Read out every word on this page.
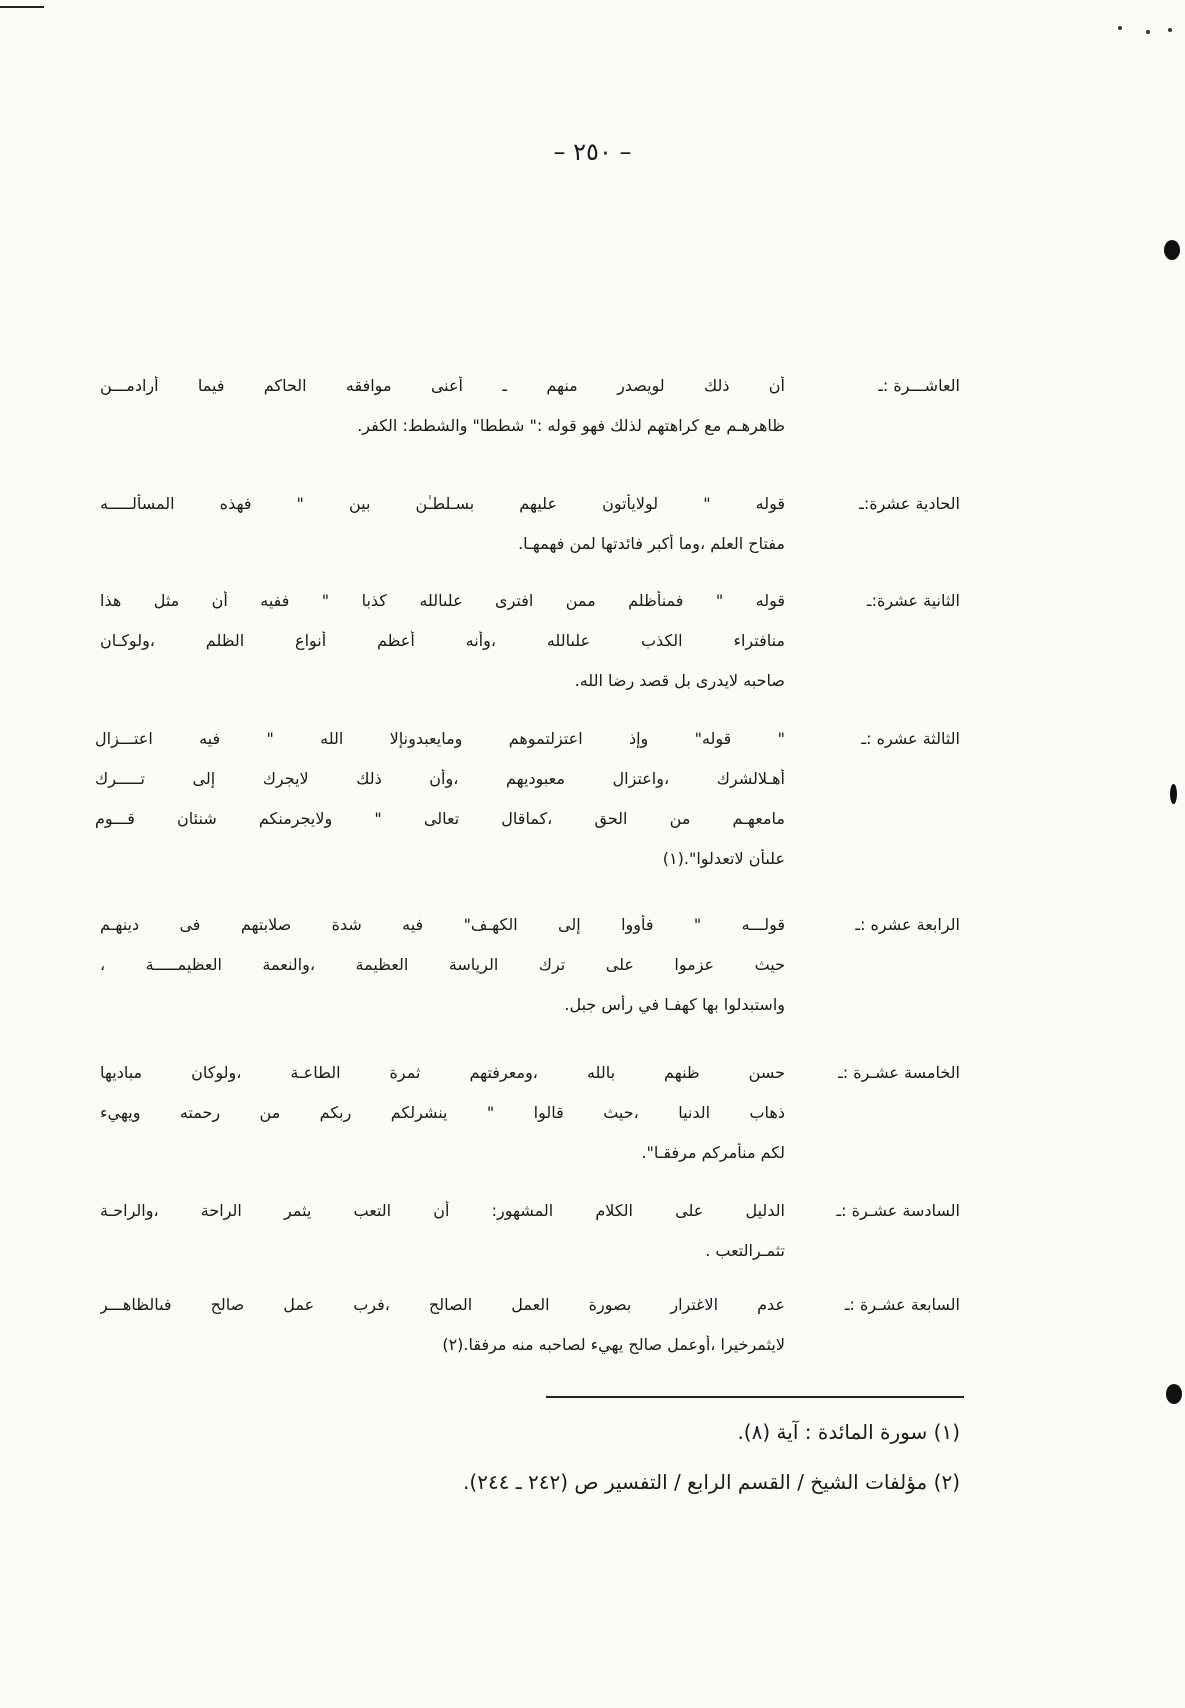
– ٢٥٠ –
العاشـــرة :ـ
أن ذلك لويصدر منهم ـ أعنى موافقه الحاكم فيما أرادمـــن
ظاهرهـم مع كراهتهم لذلك فهو قوله :" شططا" والشطط: الكفر.
الحادية عشرة:ـ
قوله " لولايأتون عليهم بسـلطـٰن بين " فهذه المسألـــــه
مفتاح العلم ،وما أكبر فائدتها لمن فهمهـا.
الثانية عشرة:ـ
قوله " فمنأظلم ممن افترى علىالله كذبا " ففيه أن مثل هذا
منافتراء الكذب علىالله ،وأنه أعظم أنواع الظلم ،ولوكـان
صاحبه لايدرى بل قصد رضا الله.
الثالثة عشره :ـ
" قوله" وإذ اعتزلتموهم ومايعبدونإلا الله " فيه اعتـــزال
أهـلالشرك ،واعتزال معبوديهم ،وأن ذلك لايجرك إلى تـــــرك
مامعهـم من الحق ،كماقال تعالى " ولايجرمنكم شنئان قـــوم
علىأن لاتعدلوا".(١)
الرابعة عشره :ـ
قولـــه " فأووا إلى الكهـف" فيه شدة صلابتهم فى دينهـم
حيث عزموا على ترك الرياسة العظيمة ،والنعمة العظيمـــــة ،
واستبدلوا بها كهفـا في رأس جبل.
الخامسة عشـرة :ـ
حسن ظنهم بالله ،ومعرفتهم ثمرة الطاعـة ،ولوكان مباديها
ذهاب الدنيا ،حيث قالوا " ينشرلكم ربكم من رحمته ويهيء
لكم منأمركم مرفقـا".
السادسة عشـرة :ـ
الدليل على الكلام المشهور: أن التعب يثمر الراحة ،والراحـة
تثمـرالتعب .
السابعة عشـرة :ـ
عدم الاغترار بصورة العمل الصالح ،فرب عمل صالح فىالظاهـــر
لايثمرخيرا ،أوعمل صالح يهيء لصاحبه منه مرفقا.(٢)
(١) سورة المائدة : آية (٨).
(٢) مؤلفات الشيخ / القسم الرابع / التفسير ص (٢٤٢ ـ ٢٤٤).
